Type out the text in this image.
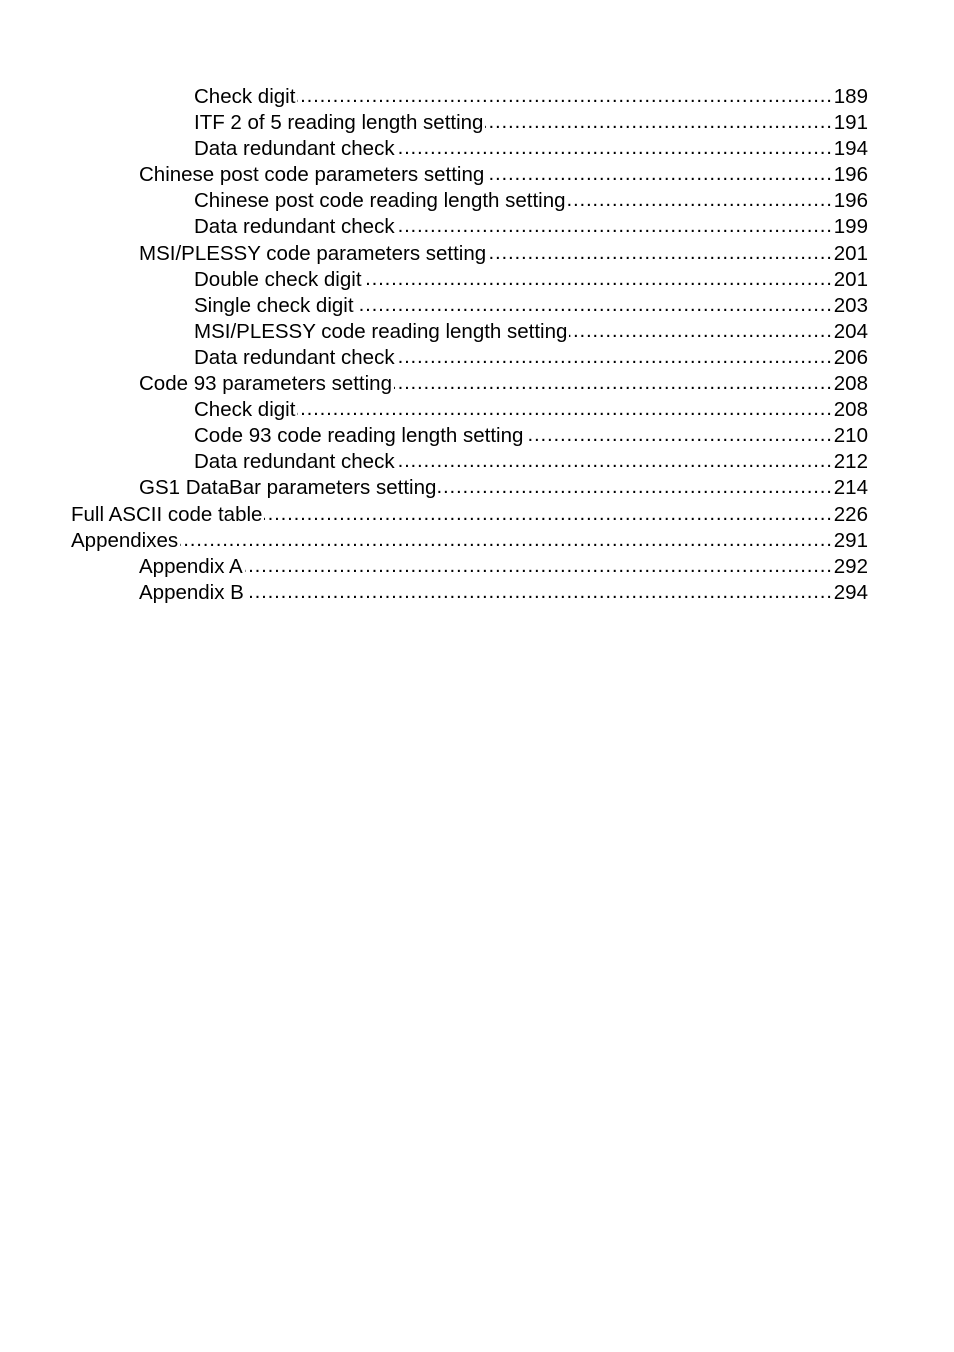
Check digit .....	189
ITF 2 of 5 reading length setting .....	191
Data redundant check .....	194
Chinese post code parameters setting .....	196
Chinese post code reading length setting .....	196
Data redundant check .....	199
MSI/PLESSY code parameters setting .....	201
Double check digit .....	201
Single check digit .....	203
MSI/PLESSY code reading length setting .....	204
Data redundant check .....	206
Code 93 parameters setting .....	208
Check digit .....	208
Code 93 code reading length setting .....	210
Data redundant check .....	212
GS1 DataBar parameters setting .....	214
Full ASCII code table .....	226
Appendixes .....	291
Appendix A .....	292
Appendix B .....	294
